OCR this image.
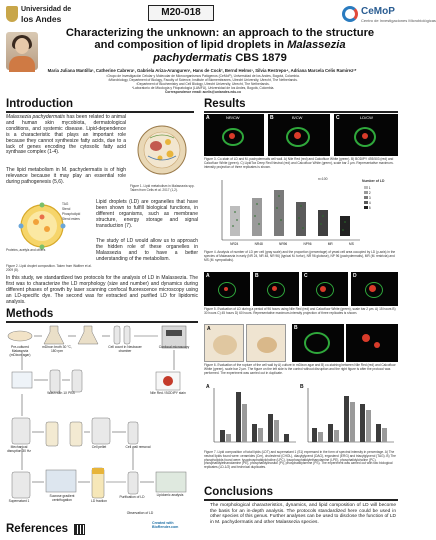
Universidad de
los Andes
M20-018	CeMoP
Centro de Investigaciones Microbiológicas
Characterizing the unknown: an approach to the structure
and composition of lipid droplets in Malassezia
pachydermatis CBS 1879
Maria Juliana Mantilla¹, Catherine Cabrera¹, Gabriela Ariza-Aranguren¹, Hans de Cock², Bernd Helms³, Silvia Restrepo⁴, Adriana Marcela Celis Ramirez¹*
¹Grupo de Investigación Celular y Molecular de Microorganismos Patógenos (CeMoP), Universidad de los Andes, Bogotá, Colombia.
²Microbiology, Department of Biology, Faculty of Science, Institute of Biomembranes, Utrecht University, Utrecht, The Netherlands.
³Department of Biochemistry and Cell Biology, Utrecht University, Utrecht, The Netherlands.
⁴Laboratorio de Micología y Fitopatología (LAMFU), Universidad de los Andes, Bogotá, Colombia.
Correspondence email: acelis@uniandes.edu.co
Introduction
Malassezia pachydermatis has been related to animal and human skin mycobiota, dermatological conditions, and systemic disease. Lipid-dependence is a characteristic that plays an important role because they cannot synthesize fatty acids, due to a lack of genes encoding the cytosolic fatty acid synthase complex (1-4).
The lipid metabolism in M. pachydermatis is of high relevance because it may play an essential role during pathogenesis (5,6).
Figure 1. Lipid metabolism in Malassezia spp. Taken from Celis et al. 2017 (1,2).
TAG
Sterol
Phospholipid
Sterol esters
Proteins, acetyls and others
Figure 2. Lipid droplet composition. Taken from Walther et al. 2009 (8).
Lipid droplets (LD) are organelles that have been shown to fulfill biological functions, in different organisms, such as membrane structure, energy storage and signal transduction (7).
The study of LD would allow us to approach the hidden role of these organelles in Malassezia and to have a better understanding of the metabolism.
In this study, we standardized two protocols for the analysis of LD in Malassezia. The first was to characterize the LD morphology (size and number) and dynamics during different phases of growth by laser scanning confocal fluorescence microscopy using an LD-specific dye. The second was for extracted and purified LD for lipidomic analysis.
Methods
Pre-cultured Malassezia (mDixon agar)
mDixon broth 30 °C, 180 rpm
Cell count in Neubauer chamber
Confocal microscopy
Wash with 1X PBS	Nile Red / BODIPY stain
Mechanical disruption 30 Hz
Cell pellet	Cell wall removal
Supernatant 1
Sucrose gradient centrifugation	LD fraction
Purification of LD	Lipidomic analysis
Observation of LD
Created with BioRender.com
References
Results
A	NR/CW	B	B/CW	C	LD/CW
Figure 3. Co-stain of LD and M. pachydermatis cell wall. A) Nile Red (red) and Calcofluor White (green). B) BODIPY 493/503 (red) and Calcofluor White (green). C) LipidTox Deep Red Neutral (red) and Calcofluor White (green), scale bar 2 µm. Representative maximum-intensity projection of three replicates is shown.
n=100	Number of LD
1
2
3
4
5
NR24	NR48	NR96	NP96	MR	MS
Figure 4. Analysis of number of LD per cell (gray scale) and the proportion (percentage) of yeast cell area occupied by LD (y-axis) in the species of Malassezia in early (NR 24, NR 48, NR 96) (typical M. furfur), NR 96 globose), NP 96 (pachydermatis), MR (M. restricta) and MS (M. sympodialis).
A	B	C	D
Figure 5. Evaluation of LD during a period of 96 hours using Nile Red (red) and Calcofluor White (green), scale bar 2 µm. A) 15 hours B) 30 hours C) 45 hours D) 60 hours. Representative maximum-intensity projection of three replicates is shown.
A	B
Figure 6. Evaluation of the rupture of the cell wall by A) culture in mDixon agar and B) co-staining between Nile Red (red) and Calcofluor White (green), scale bar 2 µm. The figure on the left side is the control without disruption and the right figure is after the protocol was performed. The experiment was carried out in duplicate.
A	B
Figure 7. Lipid composition of total lipids (LDT) and supernatant 1 (S1) expressed in the form of spectral intensity in percentage. A) The neutral lipids found were: ceramides (Cer), cholesterol (CHOL), diacylglycerol (DAG), ergosterol (ERG) and triacylglycerol (TAG). B) The phospholipids found were: lysophosphatidylcholine (LPC), lysophosphatidylethanolamine (LPE), phosphatidylcholine (PC), phosphatidylethanolamine (PE), phosphatidylinositol (PI), phosphatidylserine (PS). The experiment was carried out with two biological replicates (LD-1/2) and technical duplicates.
Conclusions
The morphological characteristics, dynamics, and lipid composition of LD will become the basis for an in-depth analysis. The protocols standardized here could be used in other species of this genus. Further analyses can be used to disclose the function of LD in M. pachydermatis and other Malassezia species.
